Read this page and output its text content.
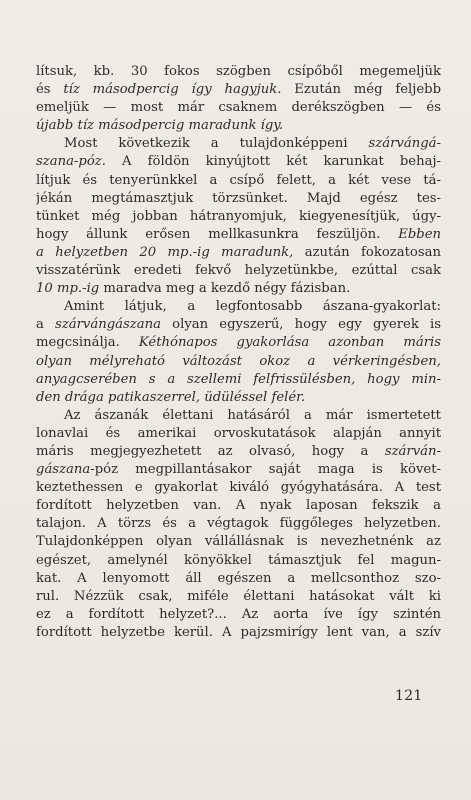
lítsuk, kb. 30 fokos szögben csípőből megemeljük
és tíz másodpercig így hagyjuk. Ezután még feljebb
emeljük — most már csaknem derékszögben — és
újabb tíz másodpercig maradunk így.
Most következik a tulajdonképpeni szárvángá-
szana-póz. A földön kinyújtott két karunkat behaj-
lítjuk és tenyerünkkel a csípő felett, a két vese tá-
jékán megtámasztjuk törzsünket. Majd egész tes-
tünket még jobban hátranyomjuk, kiegyenesítjük, úgy-
hogy állunk erősen mellkasunkra feszüljön. Ebben
a helyzetben 20 mp.-ig maradunk, azután fokozatosan
visszatérünk eredeti fekvő helyzetünkbe, ezúttal csak
10 mp.-ig maradva meg a kezdő négy fázisban.
Amint látjuk, a legfontosabb ászana-gyakorlat:
a szárvángászana olyan egyszerű, hogy egy gyerek is
megcsinálja. Kéthónapos gyakorlása azonban máris
olyan mélyreható változást okoz a vérkeringésben,
anyagcserében s a szellemi felfrissülésben, hogy min-
den drága patikaszerrel, üdüléssel felér.
Az ászanák élettani hatásáról a már ismertetett
lonavlai és amerikai orvoskutatások alapján annyit
máris megjegyezhetett az olvasó, hogy a szárván-
gászana-póz megpillantásakor saját maga is követ-
keztethessen e gyakorlat kiváló gyógyhatására. A test
fordított helyzetben van. A nyak laposan fekszik a
talajon. A törzs és a végtagok függőleges helyzetben.
Tulajdonképpen olyan vállállásnak is nevezhetnénk az
egészet, amelynél könyökkel támasztjuk fel magun-
kat. A lenyomott áll egészen a mellcsonthoz szo-
rul. Nézzük csak, miféle élettani hatásokat vált ki
ez a fordított helyzet?... Az aorta íve így szintén
fordított helyzetbe kerül. A pajzsmirígy lent van, a szív
121
